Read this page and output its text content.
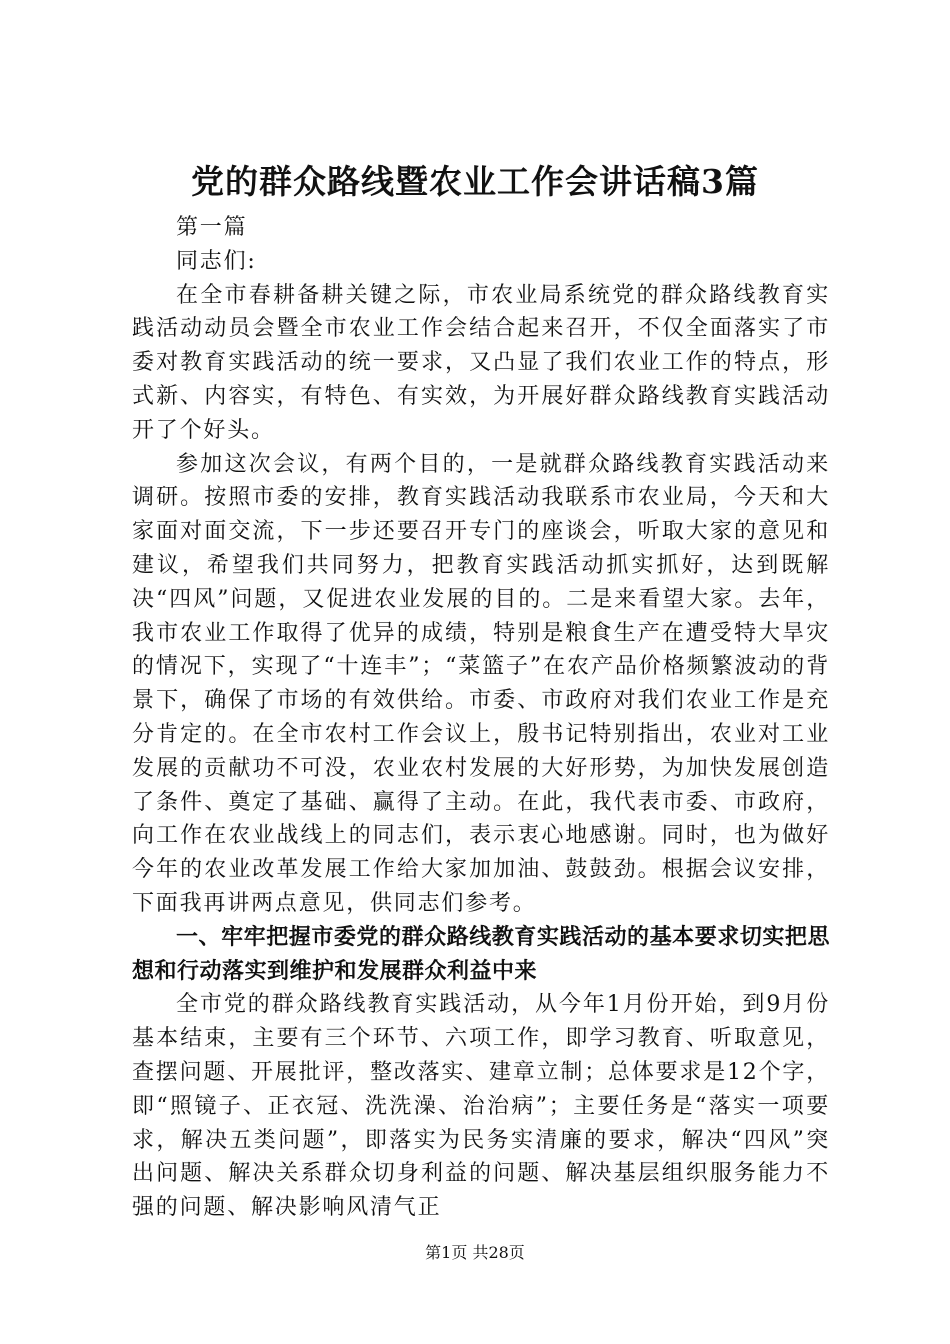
党的群众路线暨农业工作会讲话稿3篇

第一篇

同志们:

在全市春耕备耕关键之际，市农业局系统党的群众路线教育实践活动动员会暨全市农业工作会结合起来召开，不仅全面落实了市委对教育实践活动的统一要求，又凸显了我们农业工作的特点，形式新、内容实，有特色、有实效，为开展好群众路线教育实践活动开了个好头。

参加这次会议，有两个目的，一是就群众路线教育实践活动来调研。按照市委的安排，教育实践活动我联系市农业局，今天和大家面对面交流，下一步还要召开专门的座谈会，听取大家的意见和建议，希望我们共同努力，把教育实践活动抓实抓好，达到既解决“四风”问题，又促进农业发展的目的。二是来看望大家。去年，我市农业工作取得了优异的成绩，特别是粮食生产在遭受特大旱灾的情况下，实现了“十连丰”；“菜篮子”在农产品价格频繁波动的背景下，确保了市场的有效供给。市委、市政府对我们农业工作是充分肯定的。在全市农村工作会议上，殷书记特别指出，农业对工业发展的贡献功不可没，农业农村发展的大好形势，为加快发展创造了条件、奠定了基础、赢得了主动。在此，我代表市委、市政府，向工作在农业战线上的同志们，表示衷心地感谢。同时，也为做好今年的农业改革发展工作给大家加加油、鼓鼓劲。根据会议安排，下面我再讲两点意见，供同志们参考。

一、牢牢把握市委党的群众路线教育实践活动的基本要求切实把思想和行动落实到维护和发展群众利益中来

全市党的群众路线教育实践活动，从今年1月份开始，到9月份基本结束，主要有三个环节、六项工作，即学习教育、听取意见，查摆问题、开展批评，整改落实、建章立制；总体要求是12个字，即“照镜子、正衣冠、洗洗澡、治治病”；主要任务是“落实一项要求，解决五类问题”，即落实为民务实清廉的要求，解决“四风”突出问题、解决关系群众切身利益的问题、解决基层组织服务能力不强的问题、解决影响风清气正

第1页 共28页
